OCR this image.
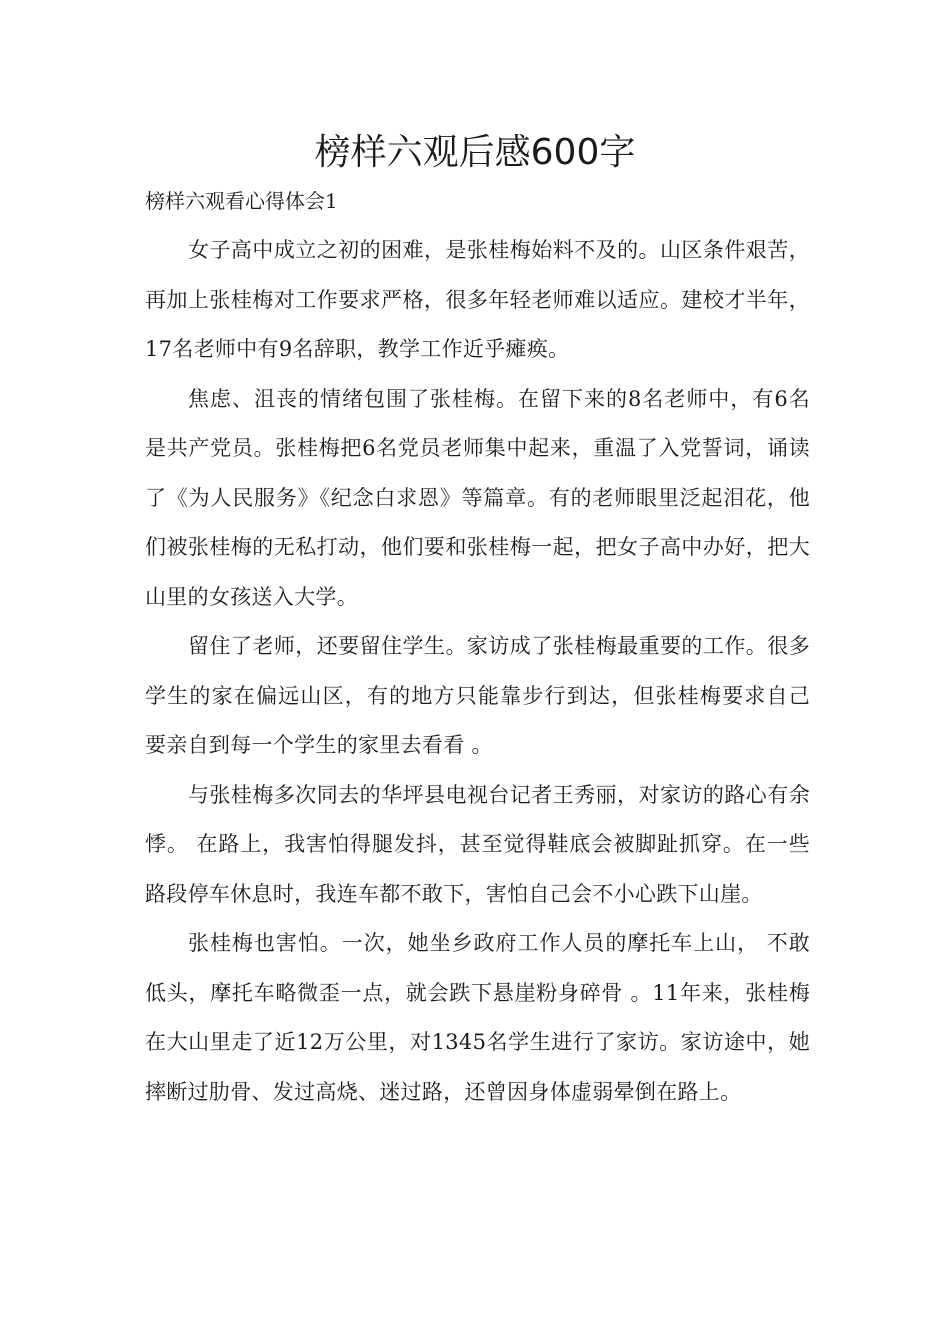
榜样六观后感600字

榜样六观看心得体会1

女子高中成立之初的困难，是张桂梅始料不及的。山区条件艰苦，再加上张桂梅对工作要求严格，很多年轻老师难以适应。建校才半年，17名老师中有9名辞职，教学工作近乎瘫痪。

焦虑、沮丧的情绪包围了张桂梅。在留下来的8名老师中，有6名是共产党员。张桂梅把6名党员老师集中起来，重温了入党誓词，诵读了《为人民服务》《纪念白求恩》等篇章。有的老师眼里泛起泪花，他们被张桂梅的无私打动，他们要和张桂梅一起，把女子高中办好，把大山里的女孩送入大学。

留住了老师，还要留住学生。家访成了张桂梅最重要的工作。很多学生的家在偏远山区，有的地方只能靠步行到达，但张桂梅要求自己 要亲自到每一个学生的家里去看看 。

与张桂梅多次同去的华坪县电视台记者王秀丽，对家访的路心有余悸。 在路上，我害怕得腿发抖，甚至觉得鞋底会被脚趾抓穿。在一些路段停车休息时，我连车都不敢下，害怕自己会不小心跌下山崖。

张桂梅也害怕。一次，她坐乡政府工作人员的摩托车上山， 不敢低头，摩托车略微歪一点，就会跌下悬崖粉身碎骨 。11年来，张桂梅在大山里走了近12万公里，对1345名学生进行了家访。家访途中，她摔断过肋骨、发过高烧、迷过路，还曾因身体虚弱晕倒在路上。
